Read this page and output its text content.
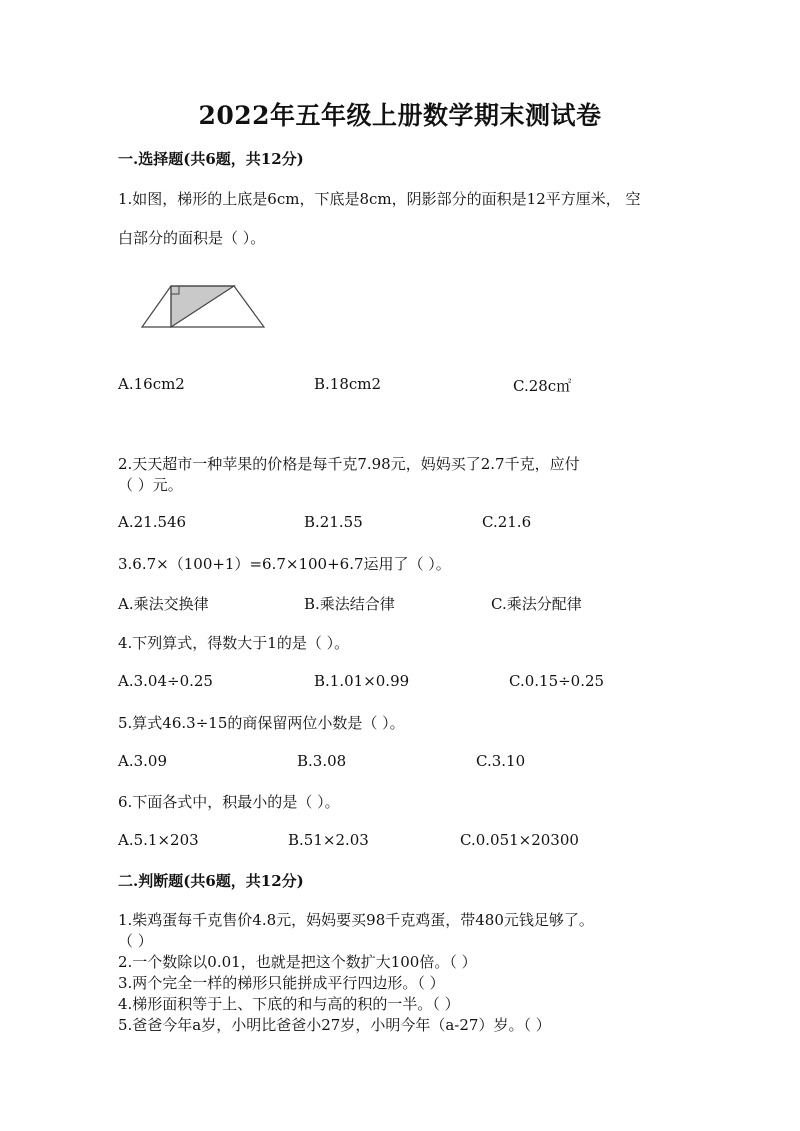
2022年五年级上册数学期末测试卷
一.选择题(共6题，共12分)
1.如图，梯形的上底是6cm，下底是8cm，阴影部分的面积是12平方厘米， 空
白部分的面积是（ ）。
A.16cm2	B.18cm2	C.28c㎡
2.天天超市一种苹果的价格是每千克7.98元，妈妈买了2.7千克，应付
（ ）元。
A.21.546	B.21.55	C.21.6
3.6.7×（100+1）=6.7×100+6.7运用了（ ）。
A.乘法交换律	B.乘法结合律	C.乘法分配律
4.下列算式，得数大于1的是（ ）。
A.3.04÷0.25	B.1.01×0.99	C.0.15÷0.25
5.算式46.3÷15的商保留两位小数是（ ）。
A.3.09	B.3.08	C.3.10
6.下面各式中，积最小的是（ ）。
A.5.1×203	B.51×2.03	C.0.051×20300
二.判断题(共6题，共12分)
1.柴鸡蛋每千克售价4.8元，妈妈要买98千克鸡蛋，带480元钱足够了。
（ ）
2.一个数除以0.01，也就是把这个数扩大100倍。（ ）
3.两个完全一样的梯形只能拼成平行四边形。（ ）
4.梯形面积等于上、下底的和与高的积的一半。（ ）
5.爸爸今年a岁，小明比爸爸小27岁，小明今年（a-27）岁。（ ）
